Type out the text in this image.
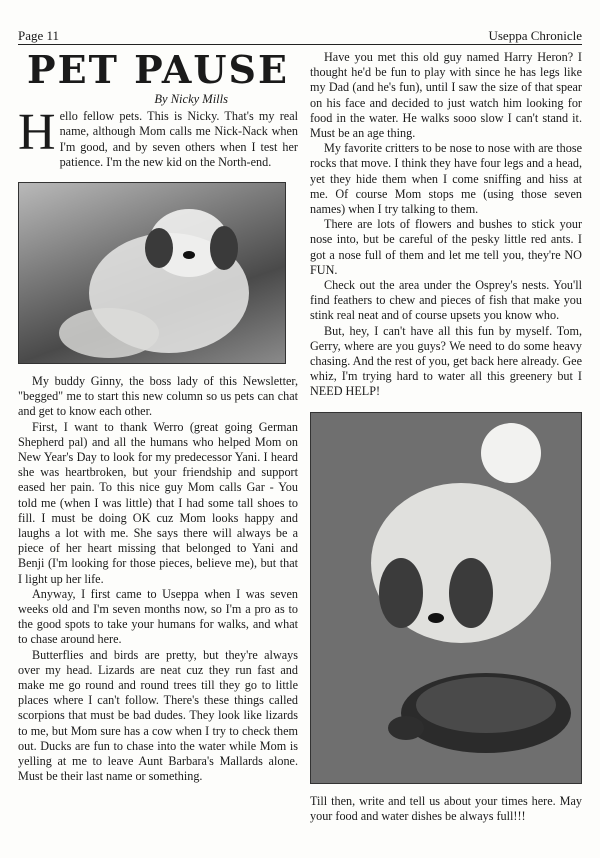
Page 11	Useppa Chronicle
PET PAUSE
By Nicky Mills

Hello fellow pets. This is Nicky. That's my real name, although Mom calls me Nick-Nack when I'm good, and by seven others when I test her patience. I'm the new kid on the North-end.

My buddy Ginny, the boss lady of this Newsletter, "begged" me to start this new column so us pets can chat and get to know each other.

First, I want to thank Werro (great going German Shepherd pal) and all the humans who helped Mom on New Year's Day to look for my predecessor Yani. I heard she was heartbroken, but your friendship and support eased her pain. To this nice guy Mom calls Gar - You told me (when I was little) that I had some tall shoes to fill. I must be doing OK cuz Mom looks happy and laughs a lot with me. She says there will always be a piece of her heart missing that belonged to Yani and Benji (I'm looking for those pieces, believe me), but that I light up her life.

Anyway, I first came to Useppa when I was seven weeks old and I'm seven months now, so I'm a pro as to the good spots to take your humans for walks, and what to chase around here.

Butterflies and birds are pretty, but they're always over my head. Lizards are neat cuz they run fast and make me go round and round trees till they go to little places where I can't follow. There's these things called scorpions that must be bad dudes. They look like lizards to me, but Mom sure has a cow when I try to check them out. Ducks are fun to chase into the water while Mom is yelling at me to leave Aunt Barbara's Mallards alone. Must be their last name or something.

Have you met this old guy named Harry Heron? I thought he'd be fun to play with since he has legs like my Dad (and he's fun), until I saw the size of that spear on his face and decided to just watch him looking for food in the water. He walks sooo slow I can't stand it. Must be an age thing.

My favorite critters to be nose to nose with are those rocks that move. I think they have four legs and a head, yet they hide them when I come sniffing and hiss at me. Of course Mom stops me (using those seven names) when I try talking to them.

There are lots of flowers and bushes to stick your nose into, but be careful of the pesky little red ants. I got a nose full of them and let me tell you, they're NO FUN.

Check out the area under the Osprey's nests. You'll find feathers to chew and pieces of fish that make you stink real neat and of course upsets you know who.

But, hey, I can't have all this fun by myself. Tom, Gerry, where are you guys? We need to do some heavy chasing. And the rest of you, get back here already. Gee whiz, I'm trying hard to water all this greenery but I NEED HELP!

Till then, write and tell us about your times here. May your food and water dishes be always full!!!
